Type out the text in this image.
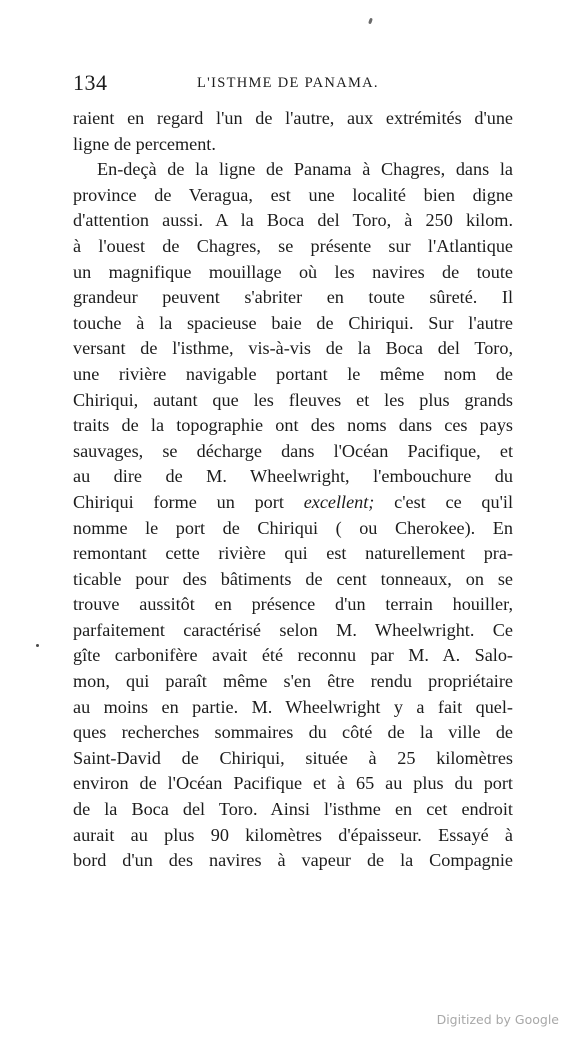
134	L'ISTHME DE PANAMA.
raient en regard l'un de l'autre, aux extrémités d'une
ligne de percement.
En-deçà de la ligne de Panama à Chagres, dans la
province de Veragua, est une localité bien digne
d'attention aussi. A la Boca del Toro, à 250 kilom.
à l'ouest de Chagres, se présente sur l'Atlantique
un magnifique mouillage où les navires de toute
grandeur peuvent s'abriter en toute sûreté. Il
touche à la spacieuse baie de Chiriqui. Sur l'autre
versant de l'isthme, vis-à-vis de la Boca del Toro,
une rivière navigable portant le même nom de
Chiriqui, autant que les fleuves et les plus grands
traits de la topographie ont des noms dans ces pays
sauvages, se décharge dans l'Océan Pacifique, et
au dire de M. Wheelwright, l'embouchure du
Chiriqui forme un port excellent; c'est ce qu'il
nomme le port de Chiriqui ( ou Cherokee). En
remontant cette rivière qui est naturellement pra-
ticable pour des bâtiments de cent tonneaux, on se
trouve aussitôt en présence d'un terrain houiller,
parfaitement caractérisé selon M. Wheelwright. Ce
gîte carbonifère avait été reconnu par M. A. Salo-
mon, qui paraît même s'en être rendu propriétaire
au moins en partie. M. Wheelwright y a fait quel-
ques recherches sommaires du côté de la ville de
Saint-David de Chiriqui, située à 25 kilomètres
environ de l'Océan Pacifique et à 65 au plus du port
de la Boca del Toro. Ainsi l'isthme en cet endroit
aurait au plus 90 kilomètres d'épaisseur. Essayé à
bord d'un des navires à vapeur de la Compagnie
Digitized by Google
